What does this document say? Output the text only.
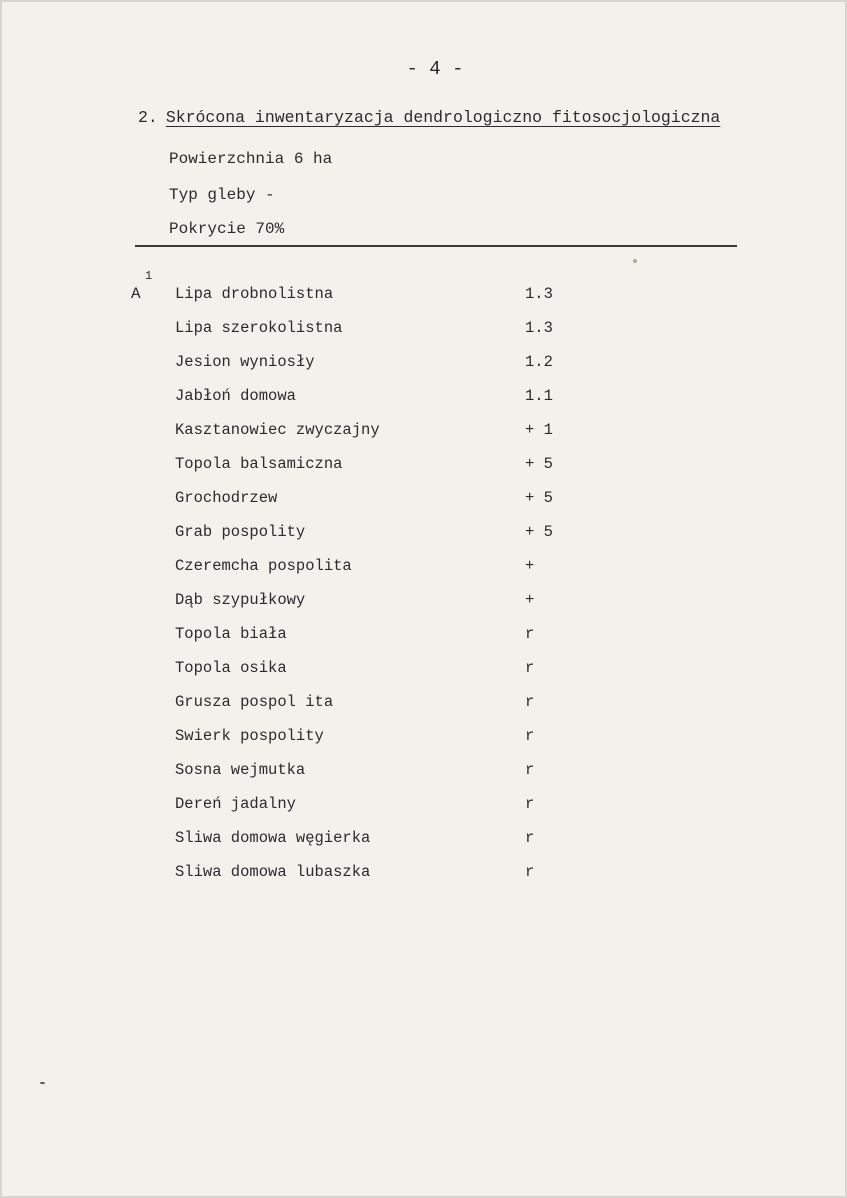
- 4 -
2. Skrócona inwentaryzacja dendrologiczno fitosocjologiczna
Powierzchnia 6 ha
Typ gleby -
Pokrycie 70%
1
A Lipa drobnolistna	1.3
Lipa szerokolistna	1.3
Jesion wyniosły	1.2
Jabłoń domowa	1.1
Kasztanowiec zwyczajny	+ 1
Topola balsamiczna	+ 5
Grochodrzew	+ 5
Grab pospolity	+ 5
Czeremcha pospolita	+
Dąb szypułkowy	+
Topola biała	r
Topola osika	r
Grusza pospol ita	r
Swierk pospolity	r
Sosna wejmutka	r
Dereń jadalny	r
Sliwa domowa węgierka	r
Sliwa domowa lubaszka	r
